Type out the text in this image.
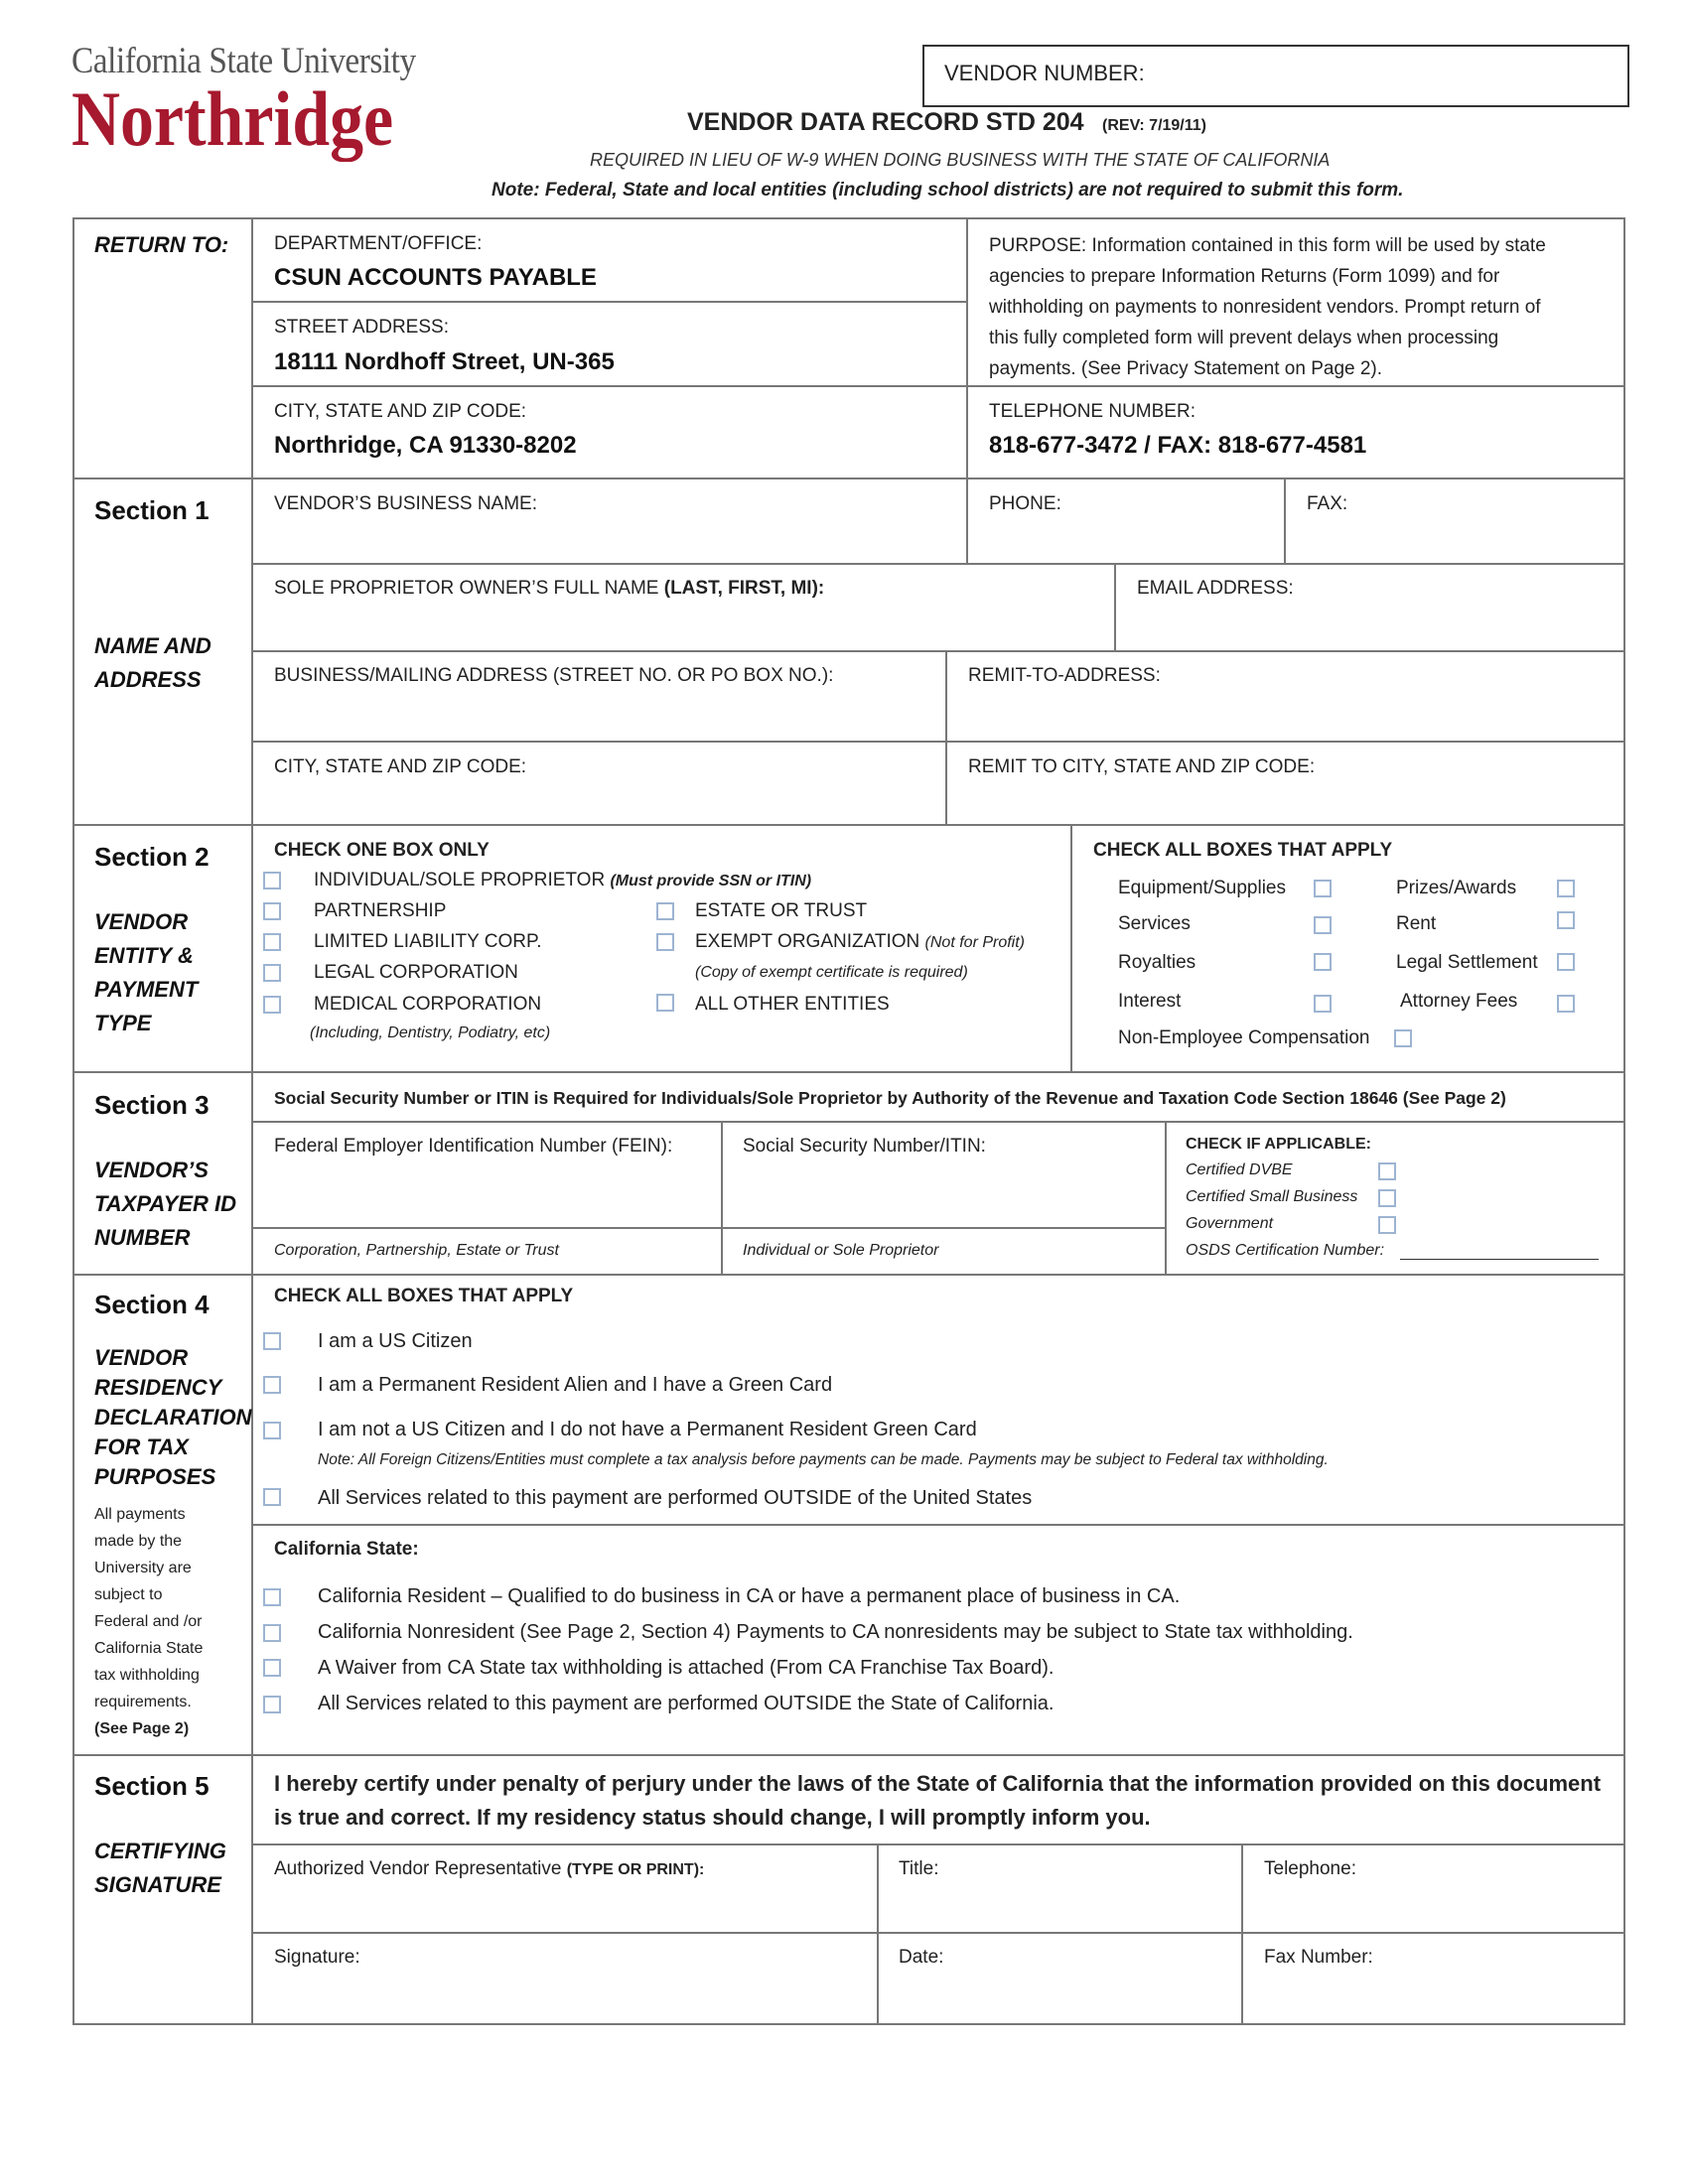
California State University
Northridge
VENDOR NUMBER:
VENDOR DATA RECORD STD 204 (REV: 7/19/11)
REQUIRED IN LIEU OF W-9 WHEN DOING BUSINESS WITH THE STATE OF CALIFORNIA
Note: Federal, State and local entities (including school districts) are not required to submit this form.
RETURN TO: DEPARTMENT/OFFICE:
CSUN ACCOUNTS PAYABLE
STREET ADDRESS:
18111 Nordhoff Street, UN-365
CITY, STATE AND ZIP CODE:
Northridge, CA 91330-8202
PURPOSE: Information contained in this form will be used by state
agencies to prepare Information Returns (Form 1099) and for
withholding on payments to nonresident vendors. Prompt return of
this fully completed form will prevent delays when processing
payments. (See Privacy Statement on Page 2).
TELEPHONE NUMBER:
818-677-3472 / FAX: 818-677-4581
Section 1
NAME AND
ADDRESS
VENDOR’S BUSINESS NAME:	PHONE:	FAX:
SOLE PROPRIETOR OWNER’S FULL NAME (LAST, FIRST, MI):	EMAIL ADDRESS:
BUSINESS/MAILING ADDRESS (STREET NO. OR PO BOX NO.):	REMIT-TO-ADDRESS:
CITY, STATE AND ZIP CODE:	REMIT TO CITY, STATE AND ZIP CODE:
Section 2
VENDOR
ENTITY &
PAYMENT
TYPE
CHECK ONE BOX ONLY
INDIVIDUAL/SOLE PROPRIETOR (Must provide SSN or ITIN)
PARTNERSHIP
LIMITED LIABILITY CORP.
LEGAL CORPORATION
MEDICAL CORPORATION
(Including, Dentistry, Podiatry, etc)
ESTATE OR TRUST
EXEMPT ORGANIZATION (Not for Profit)
(Copy of exempt certificate is required)
ALL OTHER ENTITIES
CHECK ALL BOXES THAT APPLY
Equipment/Supplies
Services
Royalties
Interest
Non-Employee Compensation
Prizes/Awards
Rent
Legal Settlement
Attorney Fees
Section 3
VENDOR’S
TAXPAYER ID
NUMBER
Social Security Number or ITIN is Required for Individuals/Sole Proprietor by Authority of the Revenue and Taxation Code Section 18646 (See Page 2)
Federal Employer Identification Number (FEIN):	Social Security Number/ITIN:
Corporation, Partnership, Estate or Trust	Individual or Sole Proprietor
CHECK IF APPLICABLE:
Certified DVBE
Certified Small Business
Government
OSDS Certification Number:
Section 4
VENDOR
RESIDENCY
DECLARATION
FOR TAX
PURPOSES
All payments
made by the
University are
subject to
Federal and /or
California State
tax withholding
requirements.
(See Page 2)
CHECK ALL BOXES THAT APPLY
I am a US Citizen
I am a Permanent Resident Alien and I have a Green Card
I am not a US Citizen and I do not have a Permanent Resident Green Card
Note: All Foreign Citizens/Entities must complete a tax analysis before payments can be made. Payments may be subject to Federal tax withholding.
All Services related to this payment are performed OUTSIDE of the United States
California State:
California Resident – Qualified to do business in CA or have a permanent place of business in CA.
California Nonresident (See Page 2, Section 4) Payments to CA nonresidents may be subject to State tax withholding.
A Waiver from CA State tax withholding is attached (From CA Franchise Tax Board).
All Services related to this payment are performed OUTSIDE the State of California.
Section 5
CERTIFYING
SIGNATURE
I hereby certify under penalty of perjury under the laws of the State of California that the information provided on this document
is true and correct. If my residency status should change, I will promptly inform you.
Authorized Vendor Representative (TYPE OR PRINT):	Title:	Telephone:
Signature:	Date:	Fax Number:
